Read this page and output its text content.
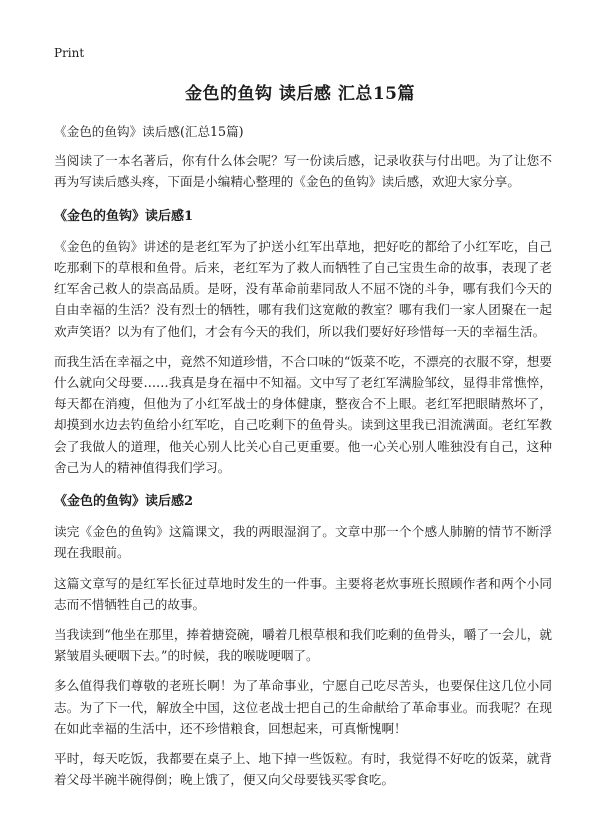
Print
金色的鱼钩 读后感 汇总15篇
《金色的鱼钩》读后感(汇总15篇)
当阅读了一本名著后，你有什么体会呢？写一份读后感，记录收获与付出吧。为了让您不再为写读后感头疼，下面是小编精心整理的《金色的鱼钩》读后感，欢迎大家分享。
《金色的鱼钩》读后感1
《金色的鱼钩》讲述的是老红军为了护送小红军出草地，把好吃的都给了小红军吃，自己吃那剩下的草根和鱼骨。后来，老红军为了救人而牺牲了自己宝贵生命的故事，表现了老红军舍己救人的崇高品质。是呀，没有革命前辈同敌人不屈不饶的斗争，哪有我们今天的自由幸福的生活？没有烈士的牺牲，哪有我们这宽敞的教室？哪有我们一家人团聚在一起欢声笑语？以为有了他们，才会有今天的我们，所以我们要好好珍惜每一天的幸福生活。
而我生活在幸福之中，竟然不知道珍惜，不合口味的“饭菜不吃，不漂亮的衣服不穿，想要什么就向父母要……我真是身在福中不知福。文中写了老红军满脸邹纹，显得非常憔悴，每天都在消瘦，但他为了小红军战士的身体健康，整夜合不上眼。老红军把眼睛熬坏了，却摸到水边去钓鱼给小红军吃，自己吃剩下的鱼骨头。读到这里我已泪流满面。老红军教会了我做人的道理，他关心别人比关心自己更重要。他一心关心别人唯独没有自己，这种舍己为人的精神值得我们学习。
《金色的鱼钩》读后感2
读完《金色的鱼钩》这篇课文，我的两眼湿润了。文章中那一个个感人肺腑的情节不断浮现在我眼前。
这篇文章写的是红军长征过草地时发生的一件事。主要将老炊事班长照顾作者和两个小同志而不惜牺牲自己的故事。
当我读到“他坐在那里，捧着搪瓷碗，嚼着几根草根和我们吃剩的鱼骨头，嚼了一会儿，就紧皱眉头硬咽下去。”的时候，我的喉咙哽咽了。
多么值得我们尊敬的老班长啊！为了革命事业，宁愿自己吃尽苦头，也要保住这几位小同志。为了下一代，解放全中国，这位老战士把自己的生命献给了革命事业。而我呢？在现在如此幸福的生活中，还不珍惜粮食，回想起来，可真惭愧啊！
平时，每天吃饭，我都要在桌子上、地下掉一些饭粒。有时，我觉得不好吃的饭菜，就背着父母半碗半碗得倒；晚上饿了，便又向父母要钱买零食吃。
